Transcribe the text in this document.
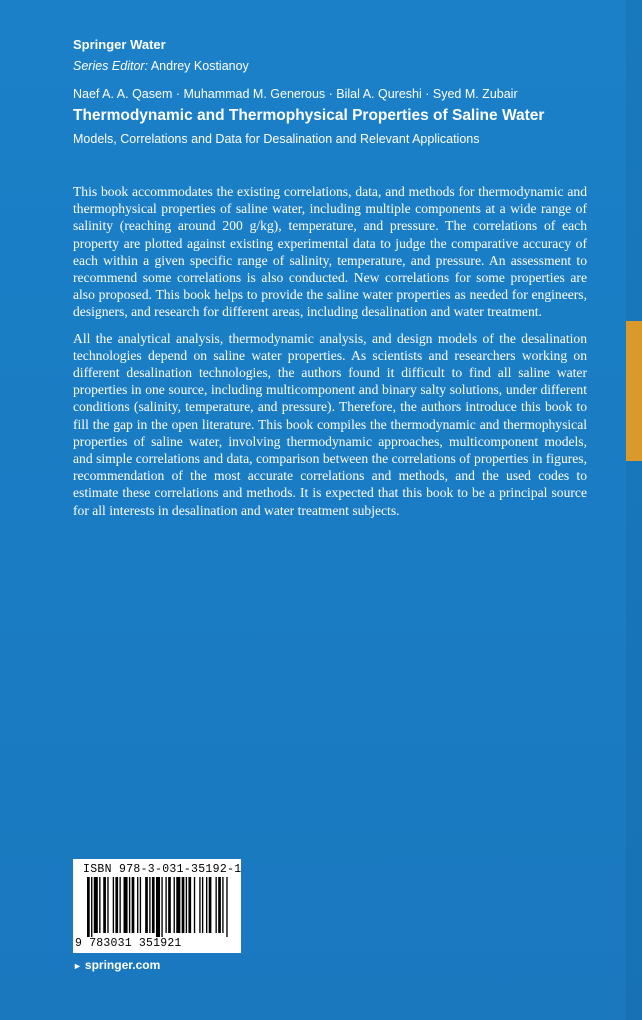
Springer Water
Series Editor: Andrey Kostianoy
Naef A. A. Qasem · Muhammad M. Generous · Bilal A. Qureshi · Syed M. Zubair
Thermodynamic and Thermophysical Properties of Saline Water
Models, Correlations and Data for Desalination and Relevant Applications

This book accommodates the existing correlations, data, and methods for thermodynamic and thermophysical properties of saline water, including multiple components at a wide range of salinity (reaching around 200 g/kg), temperature, and pressure. The correlations of each property are plotted against existing experimental data to judge the comparative accuracy of each within a given specific range of salinity, temperature, and pressure. An assessment to recommend some correlations is also conducted. New correlations for some properties are also proposed. This book helps to provide the saline water properties as needed for engineers, designers, and research for different areas, including desalination and water treatment.

All the analytical analysis, thermodynamic analysis, and design models of the desalination technologies depend on saline water properties. As scientists and researchers working on different desalination technologies, the authors found it difficult to find all saline water properties in one source, including multicomponent and binary salty solutions, under different conditions (salinity, temperature, and pressure). Therefore, the authors introduce this book to fill the gap in the open literature. This book compiles the thermodynamic and thermophysical properties of saline water, involving thermodynamic approaches, multicomponent models, and simple correlations and data, comparison between the correlations of properties in figures, recommendation of the most accurate correlations and methods, and the used codes to estimate these correlations and methods. It is expected that this book to be a principal source for all interests in desalination and water treatment subjects.

ISBN 978-3-031-35192-1
9 783031 351921
► springer.com
